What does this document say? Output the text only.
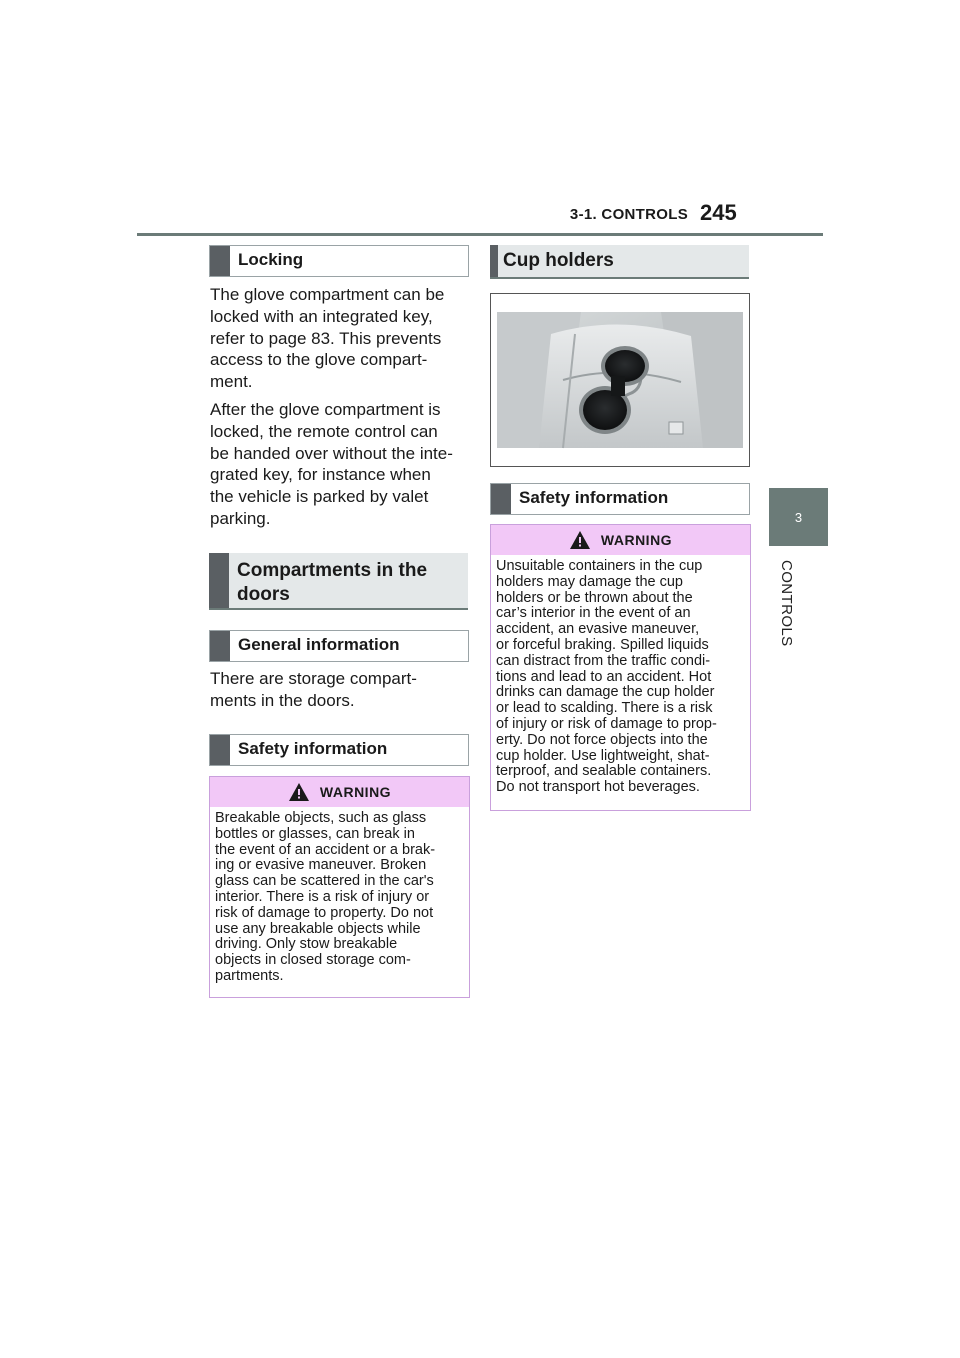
3-1. CONTROLS 245
3
CONTROLS
Locking
The glove compartment can be
locked with an integrated key,
refer to page 83. This prevents
access to the glove compart-
ment.
After the glove compartment is
locked, the remote control can
be handed over without the inte-
grated key, for instance when
the vehicle is parked by valet
parking.
Compartments in the
doors
General information
There are storage compart-
ments in the doors.
Safety information
WARNING
Breakable objects, such as glass
bottles or glasses, can break in
the event of an accident or a brak-
ing or evasive maneuver. Broken
glass can be scattered in the car's
interior. There is a risk of injury or
risk of damage to property. Do not
use any breakable objects while
driving. Only stow breakable
objects in closed storage com-
partments.
Cup holders
Safety information
WARNING
Unsuitable containers in the cup
holders may damage the cup
holders or be thrown about the
car’s interior in the event of an
accident, an evasive maneuver,
or forceful braking. Spilled liquids
can distract from the traffic condi-
tions and lead to an accident. Hot
drinks can damage the cup holder
or lead to scalding. There is a risk
of injury or risk of damage to prop-
erty. Do not force objects into the
cup holder. Use lightweight, shat-
terproof, and sealable containers.
Do not transport hot beverages.
